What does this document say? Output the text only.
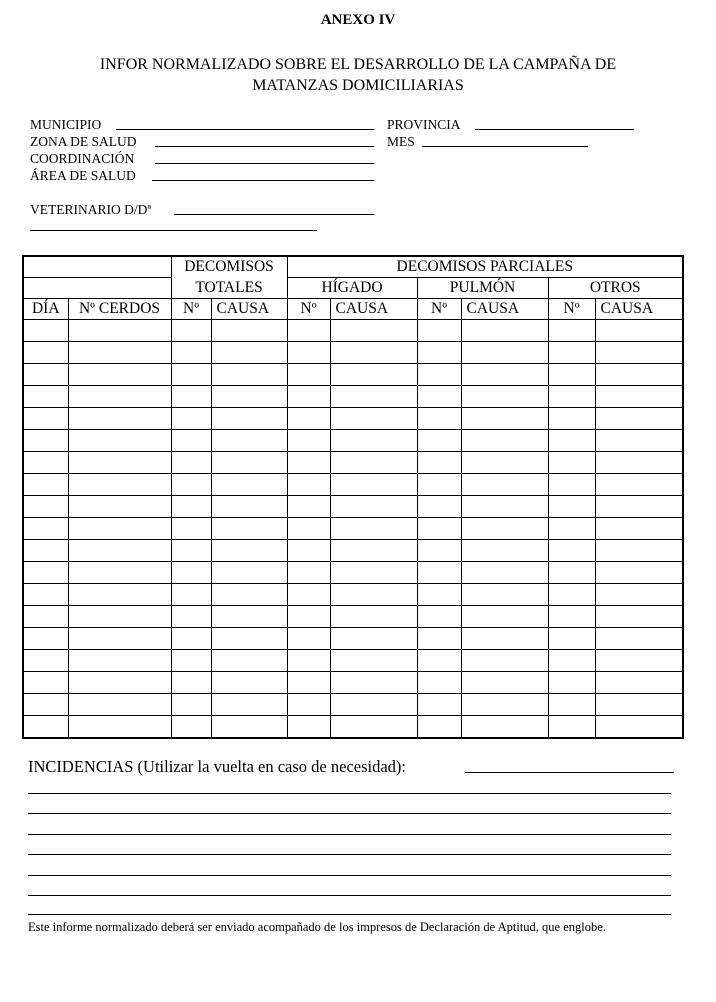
ANEXO IV
INFOR NORMALIZADO SOBRE EL DESARROLLO DE LA CAMPAÑA DE
MATANZAS DOMICILIARIAS
MUNICIPIO
ZONA DE SALUD
COORDINACIÓN
ÁREA DE SALUD
PROVINCIA
MES
VETERINARIO D/Dª
		DECOMISOS		DECOMISOS PARCIALES					
		TOTALES		HÍGADO		PULMÓN		OTROS	
DÍA	Nº CERDOS	Nº	CAUSA	Nº	CAUSA	Nº	CAUSA	Nº	CAUSA

INCIDENCIAS (Utilizar la vuelta en caso de necesidad):
Este informe normalizado deberá ser enviado acompañado de los impresos de Declaración de Aptitud, que englobe.
